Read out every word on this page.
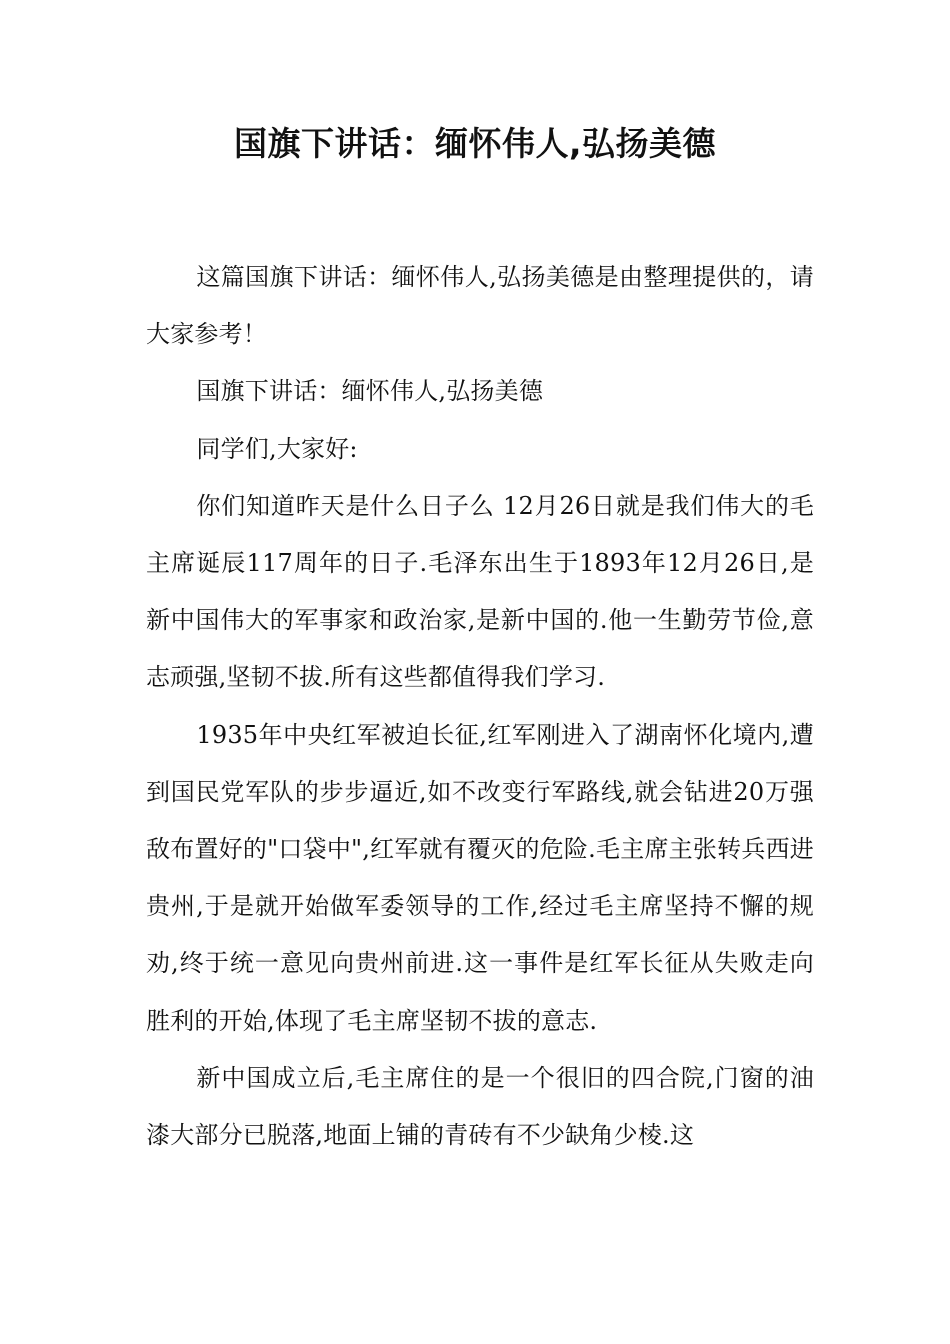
国旗下讲话：缅怀伟人,弘扬美德

这篇国旗下讲话：缅怀伟人,弘扬美德是由整理提供的，请大家参考！

国旗下讲话：缅怀伟人,弘扬美德

同学们,大家好:

你们知道昨天是什么日子么 12月26日就是我们伟大的毛主席诞辰117周年的日子.毛泽东出生于1893年12月26日,是新中国伟大的军事家和政治家,是新中国的.他一生勤劳节俭,意志顽强,坚韧不拔.所有这些都值得我们学习.

1935年中央红军被迫长征,红军刚进入了湖南怀化境内,遭到国民党军队的步步逼近,如不改变行军路线,就会钻进20万强敌布置好的"口袋中",红军就有覆灭的危险.毛主席主张转兵西进贵州,于是就开始做军委领导的工作,经过毛主席坚持不懈的规劝,终于统一意见向贵州前进.这一事件是红军长征从失败走向胜利的开始,体现了毛主席坚韧不拔的意志.

新中国成立后,毛主席住的是一个很旧的四合院,门窗的油漆大部分已脱落,地面上铺的青砖有不少缺角少棱.这
